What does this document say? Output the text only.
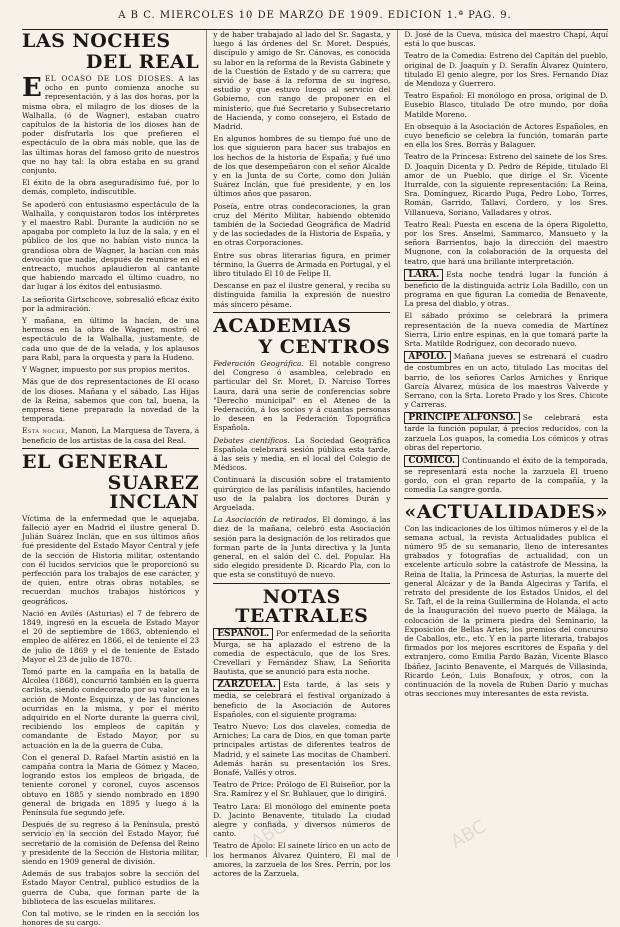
A B C. MIERCOLES 10 DE MARZO DE 1909. EDICION 1.ª PAG. 9.
LAS NOCHES
DEL REAL

EEL OCASO DE LOS DIOSES. A las ocho en punto comienza anoche su representación, y á las dos horas, por la misma obra, el milagro de los dioses de la Walhalla, (ó de Wagner), estaban cuatro capítulos de la historia de los dioses han de poder disfrutarla los que prefieren el espectáculo de la obra más noble, que las de las últimas horas del famoso grito de nuestros que no hay tal: la obra estaba en su grand conjunto.

El éxito de la obra aseguradísimo fué, por lo demás, completo, indiscutible.

Se apoderó con entusiasmo espectáculo de la Walhalla, y conquistaron todos los intérpretes y el maestro Rabl. Durante la audición no se apagaba por completo la luz de la sala, y en el público de los que no habían visto nunca la grandiosa obra de Wagner, la hacían con más devoción que nadie, después de reunirse en el entreacto, muchos aplaudieron al cantante que habiendo marcado el último cuadro, no dar lugar á los éxitos del entusiasmo.

La señorita Girtschcove, sobresalió eficaz éxito por la admiración.

Y mañana, en último la hacían, de una hermosa en la obra de Wagner, mostró el espectáculo de la Walhalla, justamente, de cada uno que de de la velada, y los aplausos para Rabl, para la orquesta y para la Hudeno.

Y Wagner, impuesto por sus propios meritos.

Más que de dos representaciones de El ocaso de los dioses. Mañana y el sábado, Las Hijas de la Reina, sabemos que con tal, buena, la empresa tiene preparado la novedad de la temporada.

Esta noche, Manon, La Marquesa de Tavera, á beneficio de los artistas de la casa del Real.

EL GENERAL
SUAREZ INCLAN

Víctima de la enfermedad que le aquejaba, falleció ayer en Madrid el ilustre general D. Julián Suárez Inclán, que en sus últimos años fué presidente del Estado Mayor Central y jefe de la sección de Historia militar, ostentando con él lucidos servicios que le proporcionó su perfección para los trabajos de ese carácter, y de quien, entre otras obras notables, se recuerdan muchos trabajos históricos y geográficos.

Nació en Avilés (Asturias) el 7 de febrero de 1849, ingresó en la escuela de Estado Mayor el 20 de septiembre de 1863, obteniendo el empleo de alférez en 1866, el de teniente el 23 de julio de 1869 y el de teniente de Estado Mayor el 23 de julio de 1870.

Tomó parte en la campaña en la batalla de Alcolea (1868), concurrió también en la guerra carlista, siendo condecorado por su valor en la acción de Monte Esquinza, y de las funciones ocurridas en la misma, y por el mérito adquirido en el Norte durante la guerra civil, recibiendo los empleos de capitán y comandante de Estado Mayor, por su actuación en la de la guerra de Cuba.

Con el general D. Rafael Martín asistió en la campaña contra la Maria de Gómez y Maceo, logrando estos los empleos de brigada, de teniente coronel y coronel, cuyos ascensos obtuvo en 1885 y siendo nombrado en 1890 general de brigada en 1895 y luego á la Península fue segundo jefe.

Después de su regreso á la Península, prestó servicio en la sección del Estado Mayor, fué secretario de la comisión de Defensa del Reino y presidente de la Sección de Historia militar, siendo en 1909 general de división.

Además de sus trabajos sobre la sección del Estado Mayor Central, publicó estudios de la guerra de Cuba, que forman parte de la biblioteca de las escuelas militares.

Con tal motivo, se le rinden en la sección los honores de su cargo.

y de haber trabajado al lado del Sr. Sagasta, y luego á las órdenes del Sr. Moret. Después, discípulo y amigo de Sr. Cánovas, es conocida su labor en la reforma de la Revista Gabinete y de la Cuestión de Estado y de su carrera; que sirvió de base á la reforma de su ingreso, estudio y que estuvo luego al servicio del Gobierno, con rango de proponer en el ministerio, que fué Secretario y Subsecretario de Hacienda, y como consejero, el Estado de Madrid.

En algunos hombres de su tiempo fué uno de los que siguieron para hacer sus trabajos en los hechos de la historia de España, y fué uno de los que desempeñaron con el señor Alcalde y en la Junta de su Corte, como don Julián Suárez Inclán, que fué presidente, y en los últimos años que pasaron.

Poseía, entre otras condecoraciones, la gran cruz del Mérito Militar, habiendo obtenido también de la Sociedad Geográfica de Madrid y de las sociedades de la Historia de España, y en otras Corporaciones.

Entre sus obras literarias figura, en primer término, la Guerra de Armada en Portugal, y el libro titulado El 10 de Felipe II.

Descanse en paz el ilustre general, y reciba su distinguida familia la expresión de nuestro más sincero pésame.

ACADEMIAS
Y CENTROS

Federación Geográfica. El notable congreso del Congreso ó asamblea, celebrado en particular del Sr. Moret, D. Narciso Torres Laura, dará una serie de conferencias sobre "Derecho municipal" en el Ateneo de la Federación, á los socios y á cuantas personas lo deseen en la Federación Topográfica Española.

Debates científicos. La Sociedad Geográfica Española celebrará sesión pública esta tarde, á las seis y media, en el local del Colegio de Médicos.

Continuará la discusión sobre el tratamiento quirúrgico de las parálisis infantiles, haciendo uso de la palabra los doctores Durán y Arguelada.

La Asociación de retirados. El domingo, á las diez de la mañana, celebró esta Asociación sesión para la designación de los retirados que forman parte de la Junta directiva y la Junta general, en el salón del C. del. Popular. Ha sido elegido presidente D. Ricardo Pla, con lo que esta se constituyó de nuevo.

NOTAS TEATRALES

ESPAÑOL. Por enfermedad de la señorita Murga, se ha aplazado el estreno de la comedia de espectáculo, que de los Sres. Crevellari y Fernández Shaw, La Señorita Bautista, que se anunció para esta noche.

ZARZUELA. Esta tarde, á las seis y media, se celebrará el festival organizado á beneficio de la Asociación de Autores Españoles, con el siguiente programa:

Teatro Nuevo: Los dos claveles, comedia de Arniches; La cara de Dios, en que toman parte principales artistas de diferentes teatros de Madrid, y el sainete Las mocitas de Chamberí. Además harán su presentación los Sres. Bonafé, Vallés y otros.

Teatro de Price: Prólogo de El Ruiseñor, por la Sra. Ramírez y el Sr. Buhlauer, que lo dirigirá.

Teatro Lara: El monólogo del eminente poeta D. Jacinto Benavente, titulado La ciudad alegre y confiada, y diversos números de canto.

Teatro de Apolo: El sainete lírico en un acto de los hermanos Álvarez Quintero, El mal de amores, la zarzuela de los Sres. Perrín, por los actores de la Zarzuela.

D. José de la Cueva, música del maestro Chapí, Aquí está lo que buscas.

Teatro de la Comedia: Estreno del Capitán del pueblo, original de D. Joaquín y D. Serafín Álvarez Quintero, titulado El genio alegre, por los Sres. Fernando Díaz de Mendoza y Guerrero.

Teatro Español: El monólogo en prosa, original de D. Eusebio Blasco, titulado De otro mundo, por doña Matilde Moreno.

En obsequio á la Asociación de Actores Españoles, en cuyo beneficio se celebra la función, tomarán parte en ella los Sres. Borrás y Balaguer.

Teatro de la Princesa: Estreno del sainete de los Sres. D. Joaquín Dicenta y D. Pedro de Répide, titulado El amor de un Pueblo, que dirige el Sr. Vicente Iturralde, con la siguiente representación: La Reina, Sra. Domínguez, Ricardo Puga, Pedro Lobo, Torres, Román, Garrido, Tallaví, Cordero, y los Sres. Villanueva, Soriano, Valladares y otros.

Teatro Real: Puesta en escena de la ópera Rigoletto, por los Sres. Anselmi, Sammarco, Mansueto y la señora Barrientos, bajo la dirección del maestro Mugnone, con la colaboración de la orquesta del teatro, que hará una brillante interpretación.

LARA. Esta noche tendrá lugar la función á beneficio de la distinguida actriz Lola Badillo, con un programa en que figuran La comedia de Benavente, La presa del diablo, y otras.

El sábado próximo se celebrará la primera representación de la nueva comedia de Martínez Sierra, Lirio entre espinas, en la que tomará parte la Srta. Matilde Rodríguez, con decorado nuevo.

APOLO. Mañana jueves se estrenará el cuadro de costumbres en un acto, titulado Las mocitas del barrio, de los señores Carlos Arniches y Enrique García Álvarez, música de los maestros Valverde y Serrano, con la Srta. Loreto Prado y los Sres. Chicote y Carreras.

PRINCIPE ALFONSO. Se celebrará esta tarde la función popular, á precios reducidos, con la zarzuela Los guapos, la comedia Los cómicos y otras obras del repertorio.

COMICO. Continuando el éxito de la temporada, se representará esta noche la zarzuela El trueno gordo, con el gran reparto de la compañía, y la comedia La sangre gorda.

«ACTUALIDADES»

Con las indicaciones de los últimos números y el de la semana actual, la revista Actualidades publica el número 95 de su semanario, lleno de interesantes grabados y fotografías de actualidad, con un excelente artículo sobre la catástrofe de Messina, la Reina de Italia, la Princesa de Asturias, la muerte del general Alcázar y de la Banda Algeciras y Tarifa, el retrato del presidente de los Estados Unidos, el del Sr. Taft, el de la reina Guillermina de Holanda, el acto de la Inauguración del nuevo puerto de Málaga, la colocación de la primera piedra del Seminario, la Exposición de Bellas Artes, los premios del concurso de Caballos, etc., etc. Y en la parte literaria, trabajos firmados por los mejores escritores de España y del extranjero, como Emilia Pardo Bazán, Vicente Blasco Ibáñez, Jacinto Benavente, el Marqués de Villasinda, Ricardo León, Luis Bonafoux, y otros, con la continuación de la novela de Ruben Darío y muchas otras secciones muy interesantes de esta revista.

ABC	ABC	ABC
